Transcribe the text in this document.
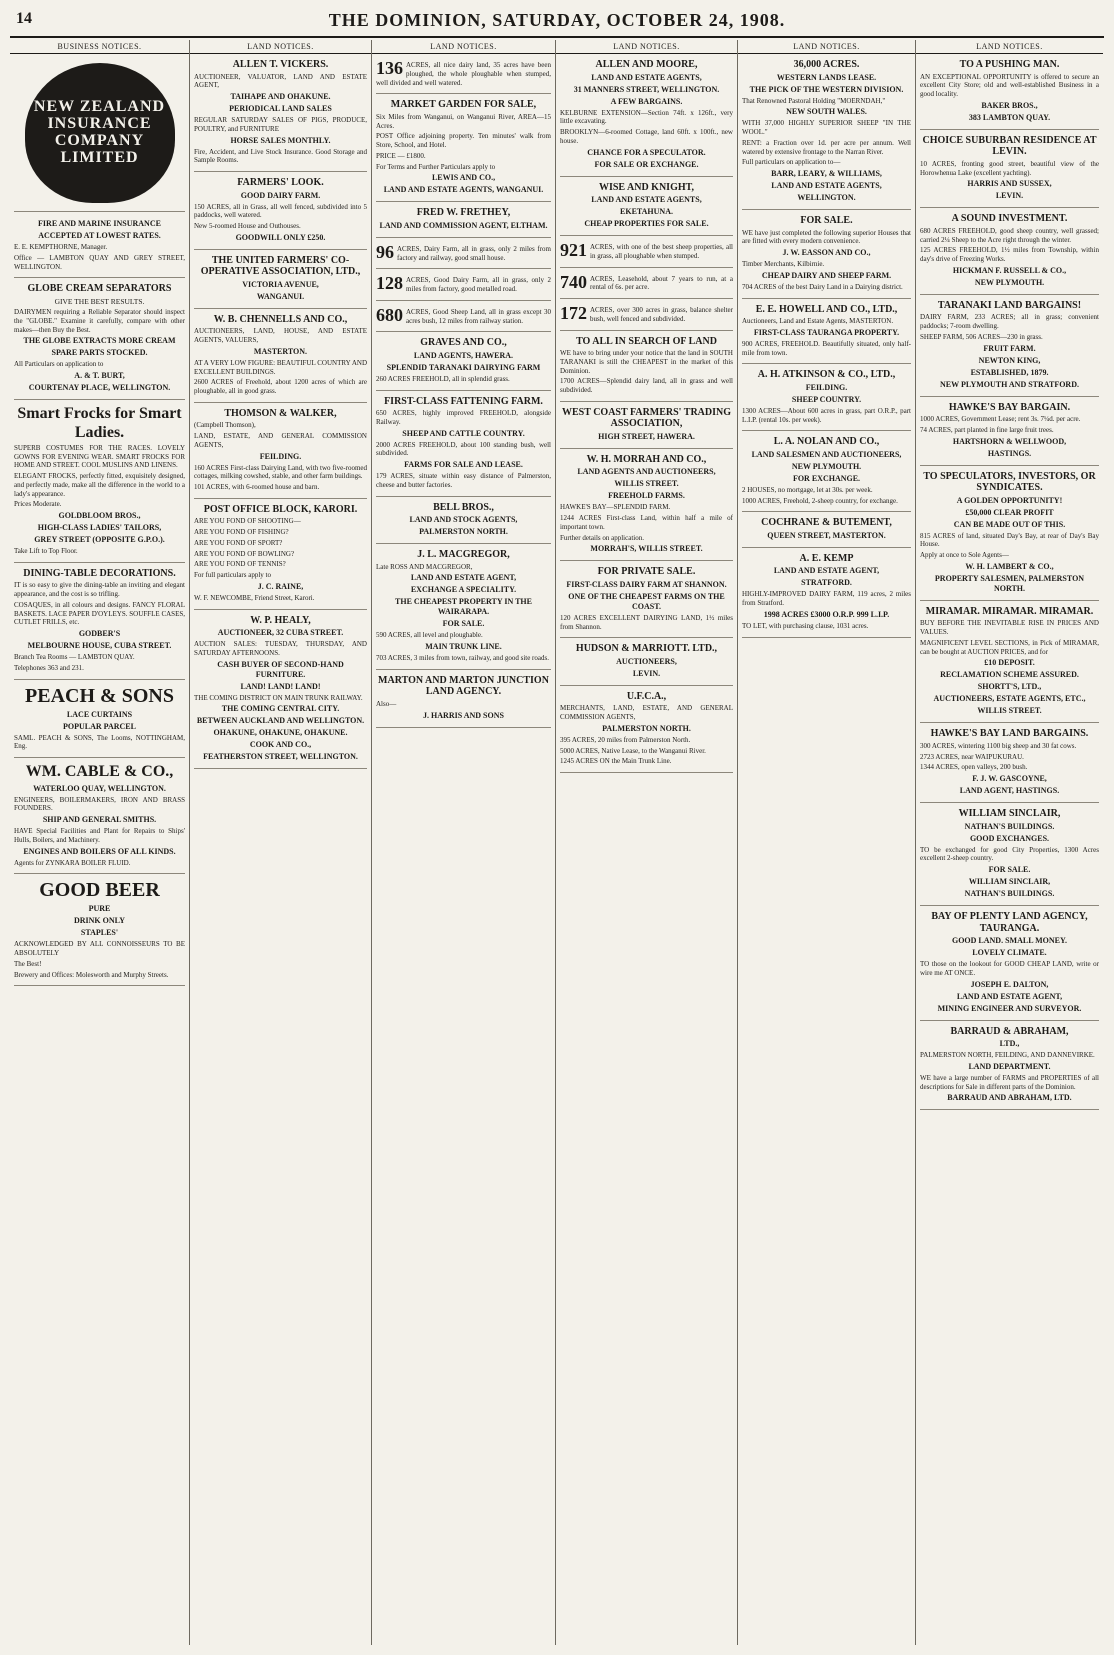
14	THE DOMINION, SATURDAY, OCTOBER 24, 1908.
BUSINESS NOTICES.
NEW ZEALAND
INSURANCE
COMPANY
LIMITED

FIRE AND MARINE INSURANCE

ACCEPTED AT LOWEST RATES.

E. E. KEMPTHORNE, Manager.

Office — LAMBTON QUAY AND GREY STREET, WELLINGTON.

GLOBE CREAM SEPARATORS
GIVE THE BEST RESULTS.

DAIRYMEN requiring a Reliable Separator should inspect the "GLOBE." Examine it carefully, compare with other makes—then Buy the Best.

THE GLOBE EXTRACTS MORE CREAM

SPARE PARTS STOCKED.

All Particulars on application to

A. & T. BURT,

COURTENAY PLACE, WELLINGTON.

Smart Frocks for Smart Ladies.

SUPERB COSTUMES FOR THE RACES. LOVELY GOWNS FOR EVENING WEAR. SMART FROCKS FOR HOME AND STREET. COOL MUSLINS AND LINENS.

ELEGANT FROCKS, perfectly fitted, exquisitely designed, and perfectly made, make all the difference in the world to a lady's appearance.

Prices Moderate.

GOLDBLOOM BROS.,

HIGH-CLASS LADIES' TAILORS,

GREY STREET (OPPOSITE G.P.O.).

Take Lift to Top Floor.

DINING-TABLE DECORATIONS.

IT is so easy to give the dining-table an inviting and elegant appearance, and the cost is so trifling.

COSAQUES, in all colours and designs. FANCY FLORAL BASKETS. LACE PAPER D'OYLEYS. SOUFFLE CASES, CUTLET FRILLS, etc.

GODBER'S

MELBOURNE HOUSE, CUBA STREET.

Branch Tea Rooms — LAMBTON QUAY.

Telephones 363 and 231.

PEACH & SONS

LACE CURTAINS

POPULAR PARCEL

SAML. PEACH & SONS, The Looms, NOTTINGHAM, Eng.

WM. CABLE & CO.,

WATERLOO QUAY, WELLINGTON.

ENGINEERS, BOILERMAKERS, IRON AND BRASS FOUNDERS.

SHIP AND GENERAL SMITHS.

HAVE Special Facilities and Plant for Repairs to Ships' Hulls, Boilers, and Machinery.

ENGINES AND BOILERS OF ALL KINDS.

Agents for ZYNKARA BOILER FLUID.

GOOD BEER

PURE

DRINK ONLY

STAPLES'

ACKNOWLEDGED BY ALL CONNOISSEURS TO BE ABSOLUTELY

The Best!

Brewery and Offices: Molesworth and Murphy Streets.

LAND NOTICES.
ALLEN T. VICKERS.

AUCTIONEER, VALUATOR, LAND AND ESTATE AGENT,

TAIHAPE AND OHAKUNE.

PERIODICAL LAND SALES

REGULAR SATURDAY SALES OF PIGS, PRODUCE, POULTRY, and FURNITURE

HORSE SALES MONTHLY.

Fire, Accident, and Live Stock Insurance. Good Storage and Sample Rooms.

FARMERS' LOOK.

GOOD DAIRY FARM.

150 ACRES, all in Grass, all well fenced, subdivided into 5 paddocks, well watered.

New 5-roomed House and Outhouses.

GOODWILL ONLY £250.

THE UNITED FARMERS' CO-OPERATIVE ASSOCIATION, LTD.,

VICTORIA AVENUE,

WANGANUI.

W. B. CHENNELLS AND CO.,

AUCTIONEERS, LAND, HOUSE, AND ESTATE AGENTS, VALUERS,

MASTERTON.

AT A VERY LOW FIGURE: BEAUTIFUL COUNTRY AND EXCELLENT BUILDINGS.

2600 ACRES of Freehold, about 1200 acres of which are ploughable, all in good grass.

THOMSON & WALKER,

(Campbell Thomson),

LAND, ESTATE, AND GENERAL COMMISSION AGENTS,

FEILDING.

160 ACRES First-class Dairying Land, with two five-roomed cottages, milking cowshed, stable, and other farm buildings.

101 ACRES, with 6-roomed house and barn.

POST OFFICE BLOCK, KARORI.

ARE YOU FOND OF SHOOTING—

ARE YOU FOND OF FISHING?

ARE YOU FOND OF SPORT?

ARE YOU FOND OF BOWLING?

ARE YOU FOND OF TENNIS?

For full particulars apply to

J. C. RAINE,

W. F. NEWCOMBE, Friend Street, Karori.

W. P. HEALY,

AUCTIONEER, 32 CUBA STREET.

AUCTION SALES: TUESDAY, THURSDAY, AND SATURDAY AFTERNOONS.

CASH BUYER OF SECOND-HAND FURNITURE.

LAND! LAND! LAND!

THE COMING DISTRICT ON MAIN TRUNK RAILWAY.

THE COMING CENTRAL CITY.

BETWEEN AUCKLAND AND WELLINGTON.

OHAKUNE, OHAKUNE, OHAKUNE.

COOK AND CO.,

FEATHERSTON STREET, WELLINGTON.

LAND NOTICES.
136 ACRES, all nice dairy land, 35 acres have been ploughed, the whole ploughable when stumped, well divided and well watered.

MARKET GARDEN FOR SALE,

Six Miles from Wanganui, on Wanganui River, AREA—15 Acres.

POST Office adjoining property. Ten minutes' walk from Store, School, and Hotel.

PRICE — £1800.

For Terms and Further Particulars apply to

LEWIS AND CO.,

LAND AND ESTATE AGENTS, WANGANUI.

FRED W. FRETHEY,

LAND AND COMMISSION AGENT, ELTHAM.

96 ACRES, Dairy Farm, all in grass, only 2 miles from factory and railway, good small house.

128 ACRES, Good Dairy Farm, all in grass, only 2 miles from factory, good metalled road.

680 ACRES, Good Sheep Land, all in grass except 30 acres bush, 12 miles from railway station.

GRAVES AND CO.,

LAND AGENTS, HAWERA.

SPLENDID TARANAKI DAIRYING FARM

260 ACRES FREEHOLD, all in splendid grass.

FIRST-CLASS FATTENING FARM.

650 ACRES, highly improved FREEHOLD, alongside Railway.

SHEEP AND CATTLE COUNTRY.

2000 ACRES FREEHOLD, about 100 standing bush, well subdivided.

FARMS FOR SALE AND LEASE.

179 ACRES, situate within easy distance of Palmerston, cheese and butter factories.

BELL BROS.,

LAND AND STOCK AGENTS,

PALMERSTON NORTH.

J. L. MACGREGOR,

Late ROSS AND MACGREGOR,

LAND AND ESTATE AGENT,

EXCHANGE A SPECIALITY.

THE CHEAPEST PROPERTY IN THE WAIRARAPA.

FOR SALE.

590 ACRES, all level and ploughable.

MAIN TRUNK LINE.

703 ACRES, 3 miles from town, railway, and good site roads.

MARTON AND MARTON JUNCTION LAND AGENCY.

Also—

J. HARRIS AND SONS

LAND NOTICES.
ALLEN AND MOORE,

LAND AND ESTATE AGENTS,

31 MANNERS STREET, WELLINGTON.

A FEW BARGAINS.

KELBURNE EXTENSION—Section 74ft. x 126ft., very little excavating.

BROOKLYN—6-roomed Cottage, land 60ft. x 100ft., new house.

CHANCE FOR A SPECULATOR.

FOR SALE OR EXCHANGE.

WISE AND KNIGHT,

LAND AND ESTATE AGENTS,

EKETAHUNA.

CHEAP PROPERTIES FOR SALE.

921 ACRES, with one of the best sheep properties, all in grass, all ploughable when stumped.

740 ACRES, Leasehold, about 7 years to run, at a rental of 6s. per acre.

172 ACRES, over 300 acres in grass, balance shelter bush, well fenced and subdivided.

TO ALL IN SEARCH OF LAND

WE have to bring under your notice that the land in SOUTH TARANAKI is still the CHEAPEST in the market of this Dominion.

1700 ACRES—Splendid dairy land, all in grass and well subdivided.

WEST COAST FARMERS' TRADING ASSOCIATION,

HIGH STREET, HAWERA.

W. H. MORRAH AND CO.,

LAND AGENTS AND AUCTIONEERS,

WILLIS STREET.

FREEHOLD FARMS.

HAWKE'S BAY—SPLENDID FARM.

1244 ACRES First-class Land, within half a mile of important town.

Further details on application.

MORRAH'S, WILLIS STREET.

FOR PRIVATE SALE.

FIRST-CLASS DAIRY FARM AT SHANNON.

ONE OF THE CHEAPEST FARMS ON THE COAST.

120 ACRES EXCELLENT DAIRYING LAND, 1½ miles from Shannon.

HUDSON & MARRIOTT. LTD.,

AUCTIONEERS,

LEVIN.

U.F.C.A.,

MERCHANTS, LAND, ESTATE, AND GENERAL COMMISSION AGENTS,

PALMERSTON NORTH.

395 ACRES, 20 miles from Palmerston North.

5000 ACRES, Native Lease, to the Wanganui River.

1245 ACRES ON the Main Trunk Line.

LAND NOTICES.
36,000 ACRES.

WESTERN LANDS LEASE.

THE PICK OF THE WESTERN DIVISION.

That Renowned Pastoral Holding "MOERNDAH,"

NEW SOUTH WALES.

WITH 37,000 HIGHLY SUPERIOR SHEEP "IN THE WOOL."

RENT: a Fraction over 1d. per acre per annum. Well watered by extensive frontage to the Narran River.

Full particulars on application to—

BARR, LEARY, & WILLIAMS,

LAND AND ESTATE AGENTS,

WELLINGTON.

FOR SALE.

WE have just completed the following superior Houses that are fitted with every modern convenience.

J. W. EASSON AND CO.,

Timber Merchants, Kilbirnie.

CHEAP DAIRY AND SHEEP FARM.

704 ACRES of the best Dairy Land in a Dairying district.

E. E. HOWELL AND CO., LTD.,

Auctioneers, Land and Estate Agents, MASTERTON.

FIRST-CLASS TAURANGA PROPERTY.

900 ACRES, FREEHOLD. Beautifully situated, only half-mile from town.

A. H. ATKINSON & CO., LTD.,

FEILDING.

SHEEP COUNTRY.

1300 ACRES—About 600 acres in grass, part O.R.P., part L.I.P. (rental 10s. per week).

L. A. NOLAN AND CO.,

LAND SALESMEN AND AUCTIONEERS,

NEW PLYMOUTH.

FOR EXCHANGE.

2 HOUSES, no mortgage, let at 30s. per week.

1000 ACRES, Freehold, 2-sheep country, for exchange.

COCHRANE & BUTEMENT,

QUEEN STREET, MASTERTON.

A. E. KEMP

LAND AND ESTATE AGENT,

STRATFORD.

HIGHLY-IMPROVED DAIRY FARM, 119 acres, 2 miles from Stratford.

1998 ACRES £3000 O.R.P. 999 L.I.P.

TO LET, with purchasing clause, 1031 acres.

LAND NOTICES.
TO A PUSHING MAN.

AN EXCEPTIONAL OPPORTUNITY is offered to secure an excellent City Store; old and well-established Business in a good locality.

BAKER BROS.,

383 LAMBTON QUAY.

CHOICE SUBURBAN RESIDENCE AT LEVIN.

10 ACRES, fronting good street, beautiful view of the Horowhenua Lake (excellent yachting).

HARRIS AND SUSSEX,

LEVIN.

A SOUND INVESTMENT.

680 ACRES FREEHOLD, good sheep country, well grassed; carried 2¼ Sheep to the Acre right through the winter.

125 ACRES FREEHOLD, 1½ miles from Township, within day's drive of Freezing Works.

HICKMAN F. RUSSELL & CO.,

NEW PLYMOUTH.

TARANAKI LAND BARGAINS!

DAIRY FARM, 233 ACRES; all in grass; convenient paddocks; 7-room dwelling.

SHEEP FARM, 506 ACRES—230 in grass.

FRUIT FARM.

NEWTON KING,

ESTABLISHED, 1879.

NEW PLYMOUTH AND STRATFORD.

HAWKE'S BAY BARGAIN.

1000 ACRES, Government Lease; rent 3s. 7¼d. per acre.

74 ACRES, part planted in fine large fruit trees.

HARTSHORN & WELLWOOD,

HASTINGS.

TO SPECULATORS, INVESTORS, OR SYNDICATES.

A GOLDEN OPPORTUNITY!

£50,000 CLEAR PROFIT

CAN BE MADE OUT OF THIS.

815 ACRES of land, situated Day's Bay, at rear of Day's Bay House.

Apply at once to Sole Agents—

W. H. LAMBERT & CO.,

PROPERTY SALESMEN, PALMERSTON NORTH.

MIRAMAR. MIRAMAR. MIRAMAR.

BUY BEFORE THE INEVITABLE RISE IN PRICES AND VALUES.

MAGNIFICENT LEVEL SECTIONS, in Pick of MIRAMAR, can be bought at AUCTION PRICES, and for

£10 DEPOSIT.

RECLAMATION SCHEME ASSURED.

SHORTT'S, LTD.,

AUCTIONEERS, ESTATE AGENTS, ETC.,

WILLIS STREET.

HAWKE'S BAY LAND BARGAINS.

300 ACRES, wintering 1100 big sheep and 30 fat cows.

2723 ACRES, near WAIPUKURAU.

1344 ACRES, open valleys, 200 bush.

F. J. W. GASCOYNE,

LAND AGENT, HASTINGS.

WILLIAM SINCLAIR,

NATHAN'S BUILDINGS.

GOOD EXCHANGES.

TO be exchanged for good City Properties, 1300 Acres excellent 2-sheep country.

FOR SALE.

WILLIAM SINCLAIR,

NATHAN'S BUILDINGS.

BAY OF PLENTY LAND AGENCY, TAURANGA.

GOOD LAND. SMALL MONEY.

LOVELY CLIMATE.

TO those on the lookout for GOOD CHEAP LAND, write or wire me AT ONCE.

JOSEPH E. DALTON,

LAND AND ESTATE AGENT,

MINING ENGINEER AND SURVEYOR.

BARRAUD & ABRAHAM,

LTD.,

PALMERSTON NORTH, FEILDING, AND DANNEVIRKE.

LAND DEPARTMENT.

WE have a large number of FARMS and PROPERTIES of all descriptions for Sale in different parts of the Dominion.

BARRAUD AND ABRAHAM, LTD.
